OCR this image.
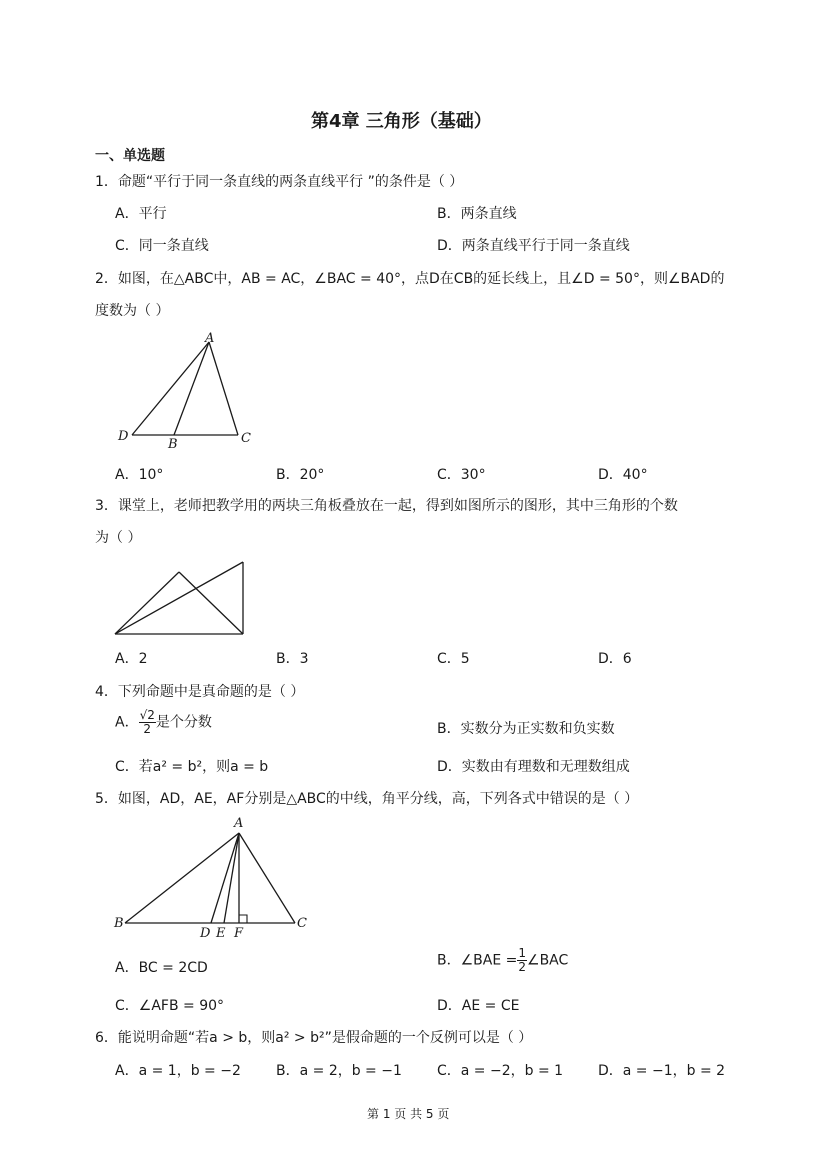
第4章 三角形（基础）
一、单选题
1．命题“平行于同一条直线的两条直线平行 ”的条件是（ ）
A．平行	B．两条直线
C．同一条直线	D．两条直线平行于同一条直线
2．如图，在△ABC中，AB = AC，∠BAC = 40°，点D在CB的延长线上，且∠D = 50°，则∠BAD的
度数为（ ）
A
D
B	C
A．10°	B．20°	C．30°	D．40°
3．课堂上，老师把教学用的两块三角板叠放在一起，得到如图所示的图形，其中三角形的个数
为（ ）
A．2	B．3	C．5	D．6
4．下列命题中是真命题的是（ ）
A． $\frac{√2}{2}$ 是个分数	B．实数分为正实数和负实数
C．若a² = b²，则a = b	D．实数由有理数和无理数组成
5．如图，AD，AE，AF分别是△ABC的中线，角平分线，高，下列各式中错误的是（ ）
A
B	C
D E F
A．BC = 2CD	B．∠BAE = $\frac{1}{2}$ ∠BAC
C．∠AFB = 90°	D．AE = CE
6．能说明命题“若a > b，则a² > b²”是假命题的一个反例可以是（ ）
A．a = 1，b = −2	B．a = 2，b = −1	C．a = −2，b = 1 D．a = −1，b = 2
第 1 页 共 5 页
